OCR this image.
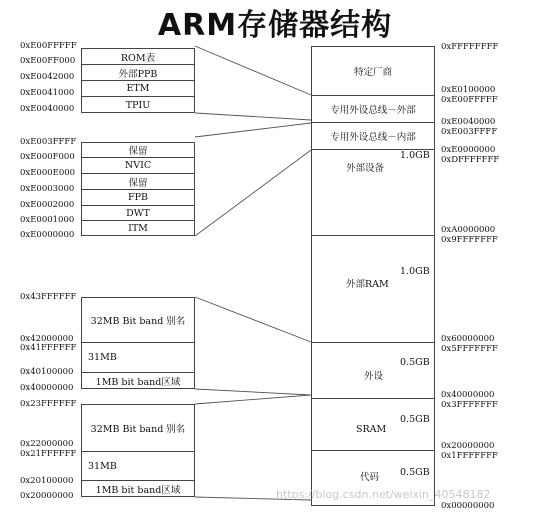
ARM存储器结构
0xE00FFFFF
0xE00FF000
0xE0042000
0xE0041000
0xE0040000
ROM表
外部PPB
ETM
TPIU
0xE003FFFF
0xE000F000
0xE000E000
0xE0003000
0xE0002000
0xE0001000
0xE0000000
保留
NVIC
保留
FPB
DWT
ITM
0x43FFFFFF
0x42000000
0x41FFFFFF
0x40100000
0x40000000
32MB Bit band 别名
31MB
1MB bit band区域
0x23FFFFFF
0x22000000
0x21FFFFFF
0x20100000
0x20000000
32MB Bit band 别名
31MB
1MB bit band区域
特定厂商
专用外设总线－外部
专用外设总线－内部
外部设备
1.0GB
外部RAM
1.0GB
外设
0.5GB
SRAM
0.5GB
代码 0.5GB
0xFFFFFFFF
0xE0100000
0xE00FFFFF
0xE0040000
0xE003FFFF
0xE0000000
0xDFFFFFFF
0xA0000000
0x9FFFFFFF
0x60000000
0x5FFFFFFF
0x40000000
0x3FFFFFFF
0x20000000
0x1FFFFFFF
0x00000000
https://blog.csdn.net/weixin_40548182
